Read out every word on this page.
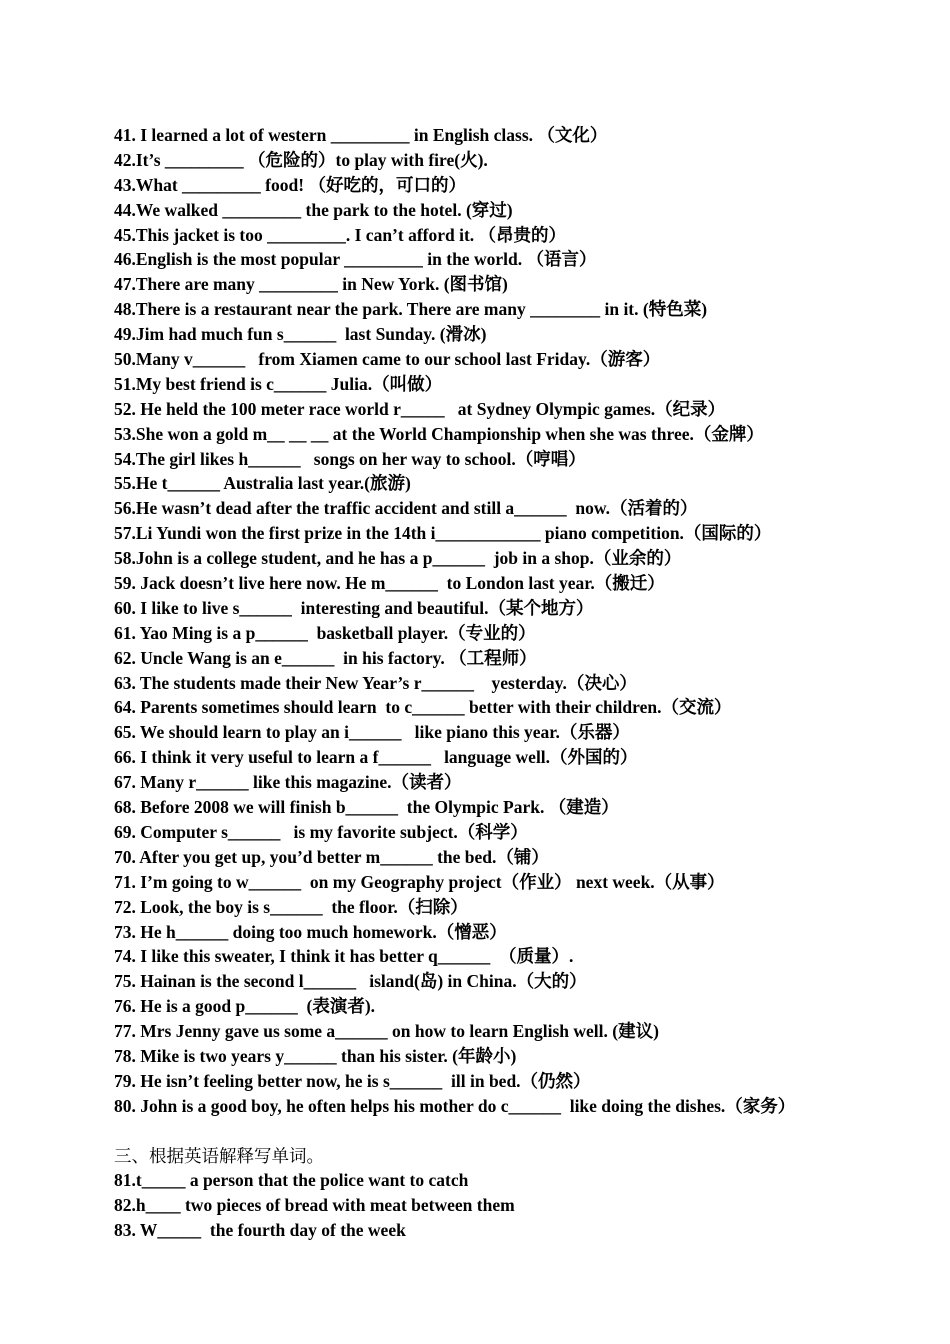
41. I learned a lot of western _________ in English class. （文化）
42.It’s _________ （危险的）to play with fire(火).
43.What _________ food! （好吃的，可口的）
44.We walked _________ the park to the hotel. (穿过)
45.This jacket is too _________. I can’t afford it. （昂贵的）
46.English is the most popular _________ in the world. （语言）
47.There are many _________ in New York. (图书馆)
48.There is a restaurant near the park. There are many ________ in it. (特色菜)
49.Jim had much fun s______  last Sunday. (滑冰)
50.Many v______   from Xiamen came to our school last Friday.（游客）
51.My best friend is c______ Julia.（叫做）
52. He held the 100 meter race world r_____   at Sydney Olympic games.（纪录）
53.She won a gold m__ __ __ at the World Championship when she was three.（金牌）
54.The girl likes h______   songs on her way to school.（哼唱）
55.He t______ Australia last year.(旅游)
56.He wasn’t dead after the traffic accident and still a______  now.（活着的）
57.Li Yundi won the first prize in the 14th i____________ piano competition.（国际的）
58.John is a college student, and he has a p______  job in a shop.（业余的）
59. Jack doesn’t live here now. He m______  to London last year.（搬迁）
60. I like to live s______  interesting and beautiful.（某个地方）
61. Yao Ming is a p______  basketball player.（专业的）
62. Uncle Wang is an e______  in his factory. （工程师）
63. The students made their New Year’s r______    yesterday.（决心）
64. Parents sometimes should learn  to c______ better with their children.（交流）
65. We should learn to play an i______   like piano this year.（乐器）
66. I think it very useful to learn a f______   language well.（外国的）
67. Many r______ like this magazine.（读者）
68. Before 2008 we will finish b______  the Olympic Park. （建造）
69. Computer s______   is my favorite subject.（科学）
70. After you get up, you’d better m______ the bed.（铺）
71. I’m going to w______  on my Geography project（作业） next week.（从事）
72. Look, the boy is s______  the floor.（扫除）
73. He h______ doing too much homework.（憎恶）
74. I like this sweater, I think it has better q______  （质量）.
75. Hainan is the second l______   island(岛) in China.（大的）
76. He is a good p______  (表演者).
77. Mrs Jenny gave us some a______ on how to learn English well. (建议)
78. Mike is two years y______ than his sister. (年龄小)
79. He isn’t feeling better now, he is s______  ill in bed.（仍然）
80. John is a good boy, he often helps his mother do c______  like doing the dishes.（家务）
三、根据英语解释写单词。
81.t_____ a person that the police want to catch
82.h____ two pieces of bread with meat between them
83. W_____  the fourth day of the week
